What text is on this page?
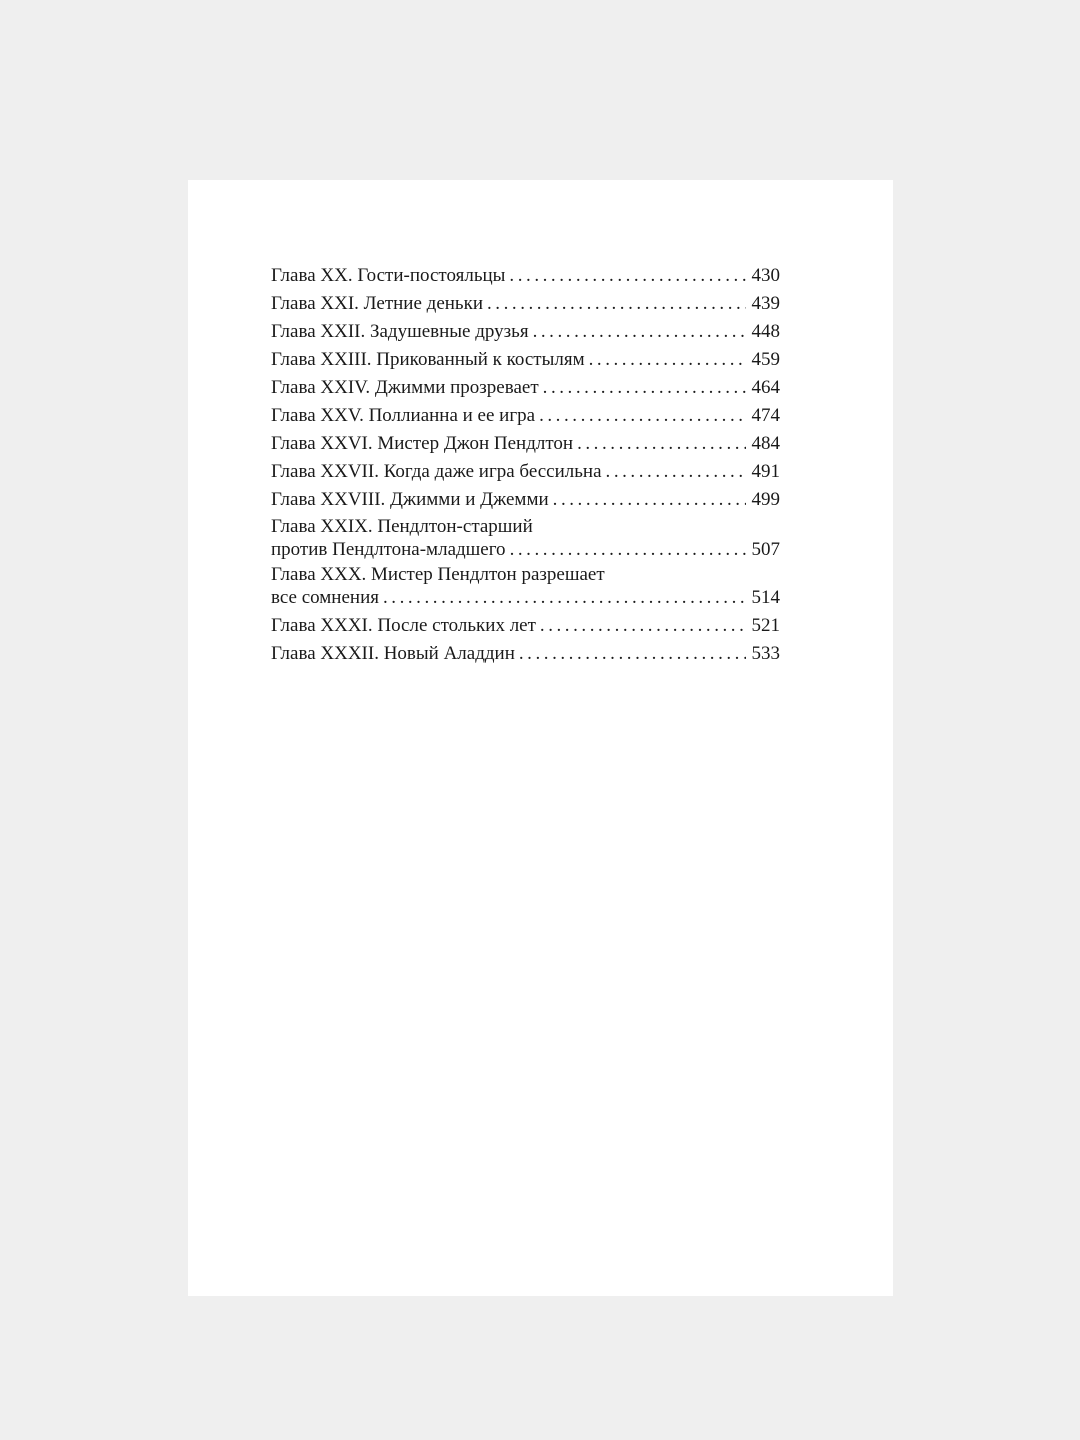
Глава XX. Гости-постояльцы . . .	430
Глава XXI. Летние деньки . . .	439
Глава XXII. Задушевные друзья . . .	448
Глава XXIII. Прикованный к костылям . . .	459
Глава XXIV. Джимми прозревает . . .	464
Глава XXV. Поллианна и ее игра . . .	474
Глава XXVI. Мистер Джон Пендлтон . . .	484
Глава XXVII. Когда даже игра бессильна . . .	491
Глава XXVIII. Джимми и Джемми . . .	499
Глава XXIX. Пендлтон-старший
против Пендлтона-младшего . . .	507
Глава XXX. Мистер Пендлтон разрешает
все сомнения . . .	514
Глава XXXI. После стольких лет . . .	521
Глава XXXII. Новый Аладдин . . .	533
